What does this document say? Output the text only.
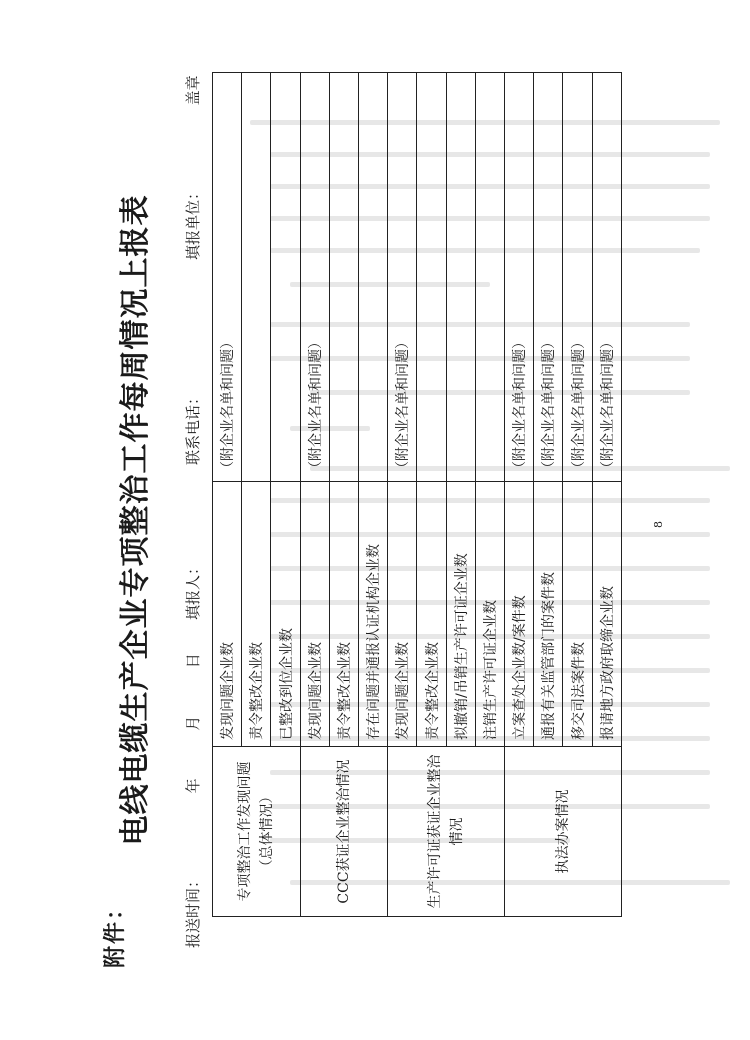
附件：
电线电缆生产企业专项整治工作每周情况上报表
报送时间：  年  月  日
填报人：
联系电话：
填报单位：  盖章
专项整治工作发现问题 （总体情况）	发现问题企业数	（附企业名单和问题）
	责令整改企业数	
	已整改到位企业数	

CCC获证企业整治情况	发现问题企业数	（附企业名单和问题）
	责令整改企业数	
	存在问题并通报认证机构企业数	

生产许可证获证企业整治情况	发现问题企业数	（附企业名单和问题）
	责令整改企业数	
	拟撤销/吊销生产许可证企业数	
	注销生产许可证企业数	

执法办案情况	立案查处企业数/案件数	（附企业名单和问题）
	通报有关监管部门的案件数	（附企业名单和问题）
	移交司法案件数	（附企业名单和问题）
	报请地方政府取缔企业数	（附企业名单和问题）
8
